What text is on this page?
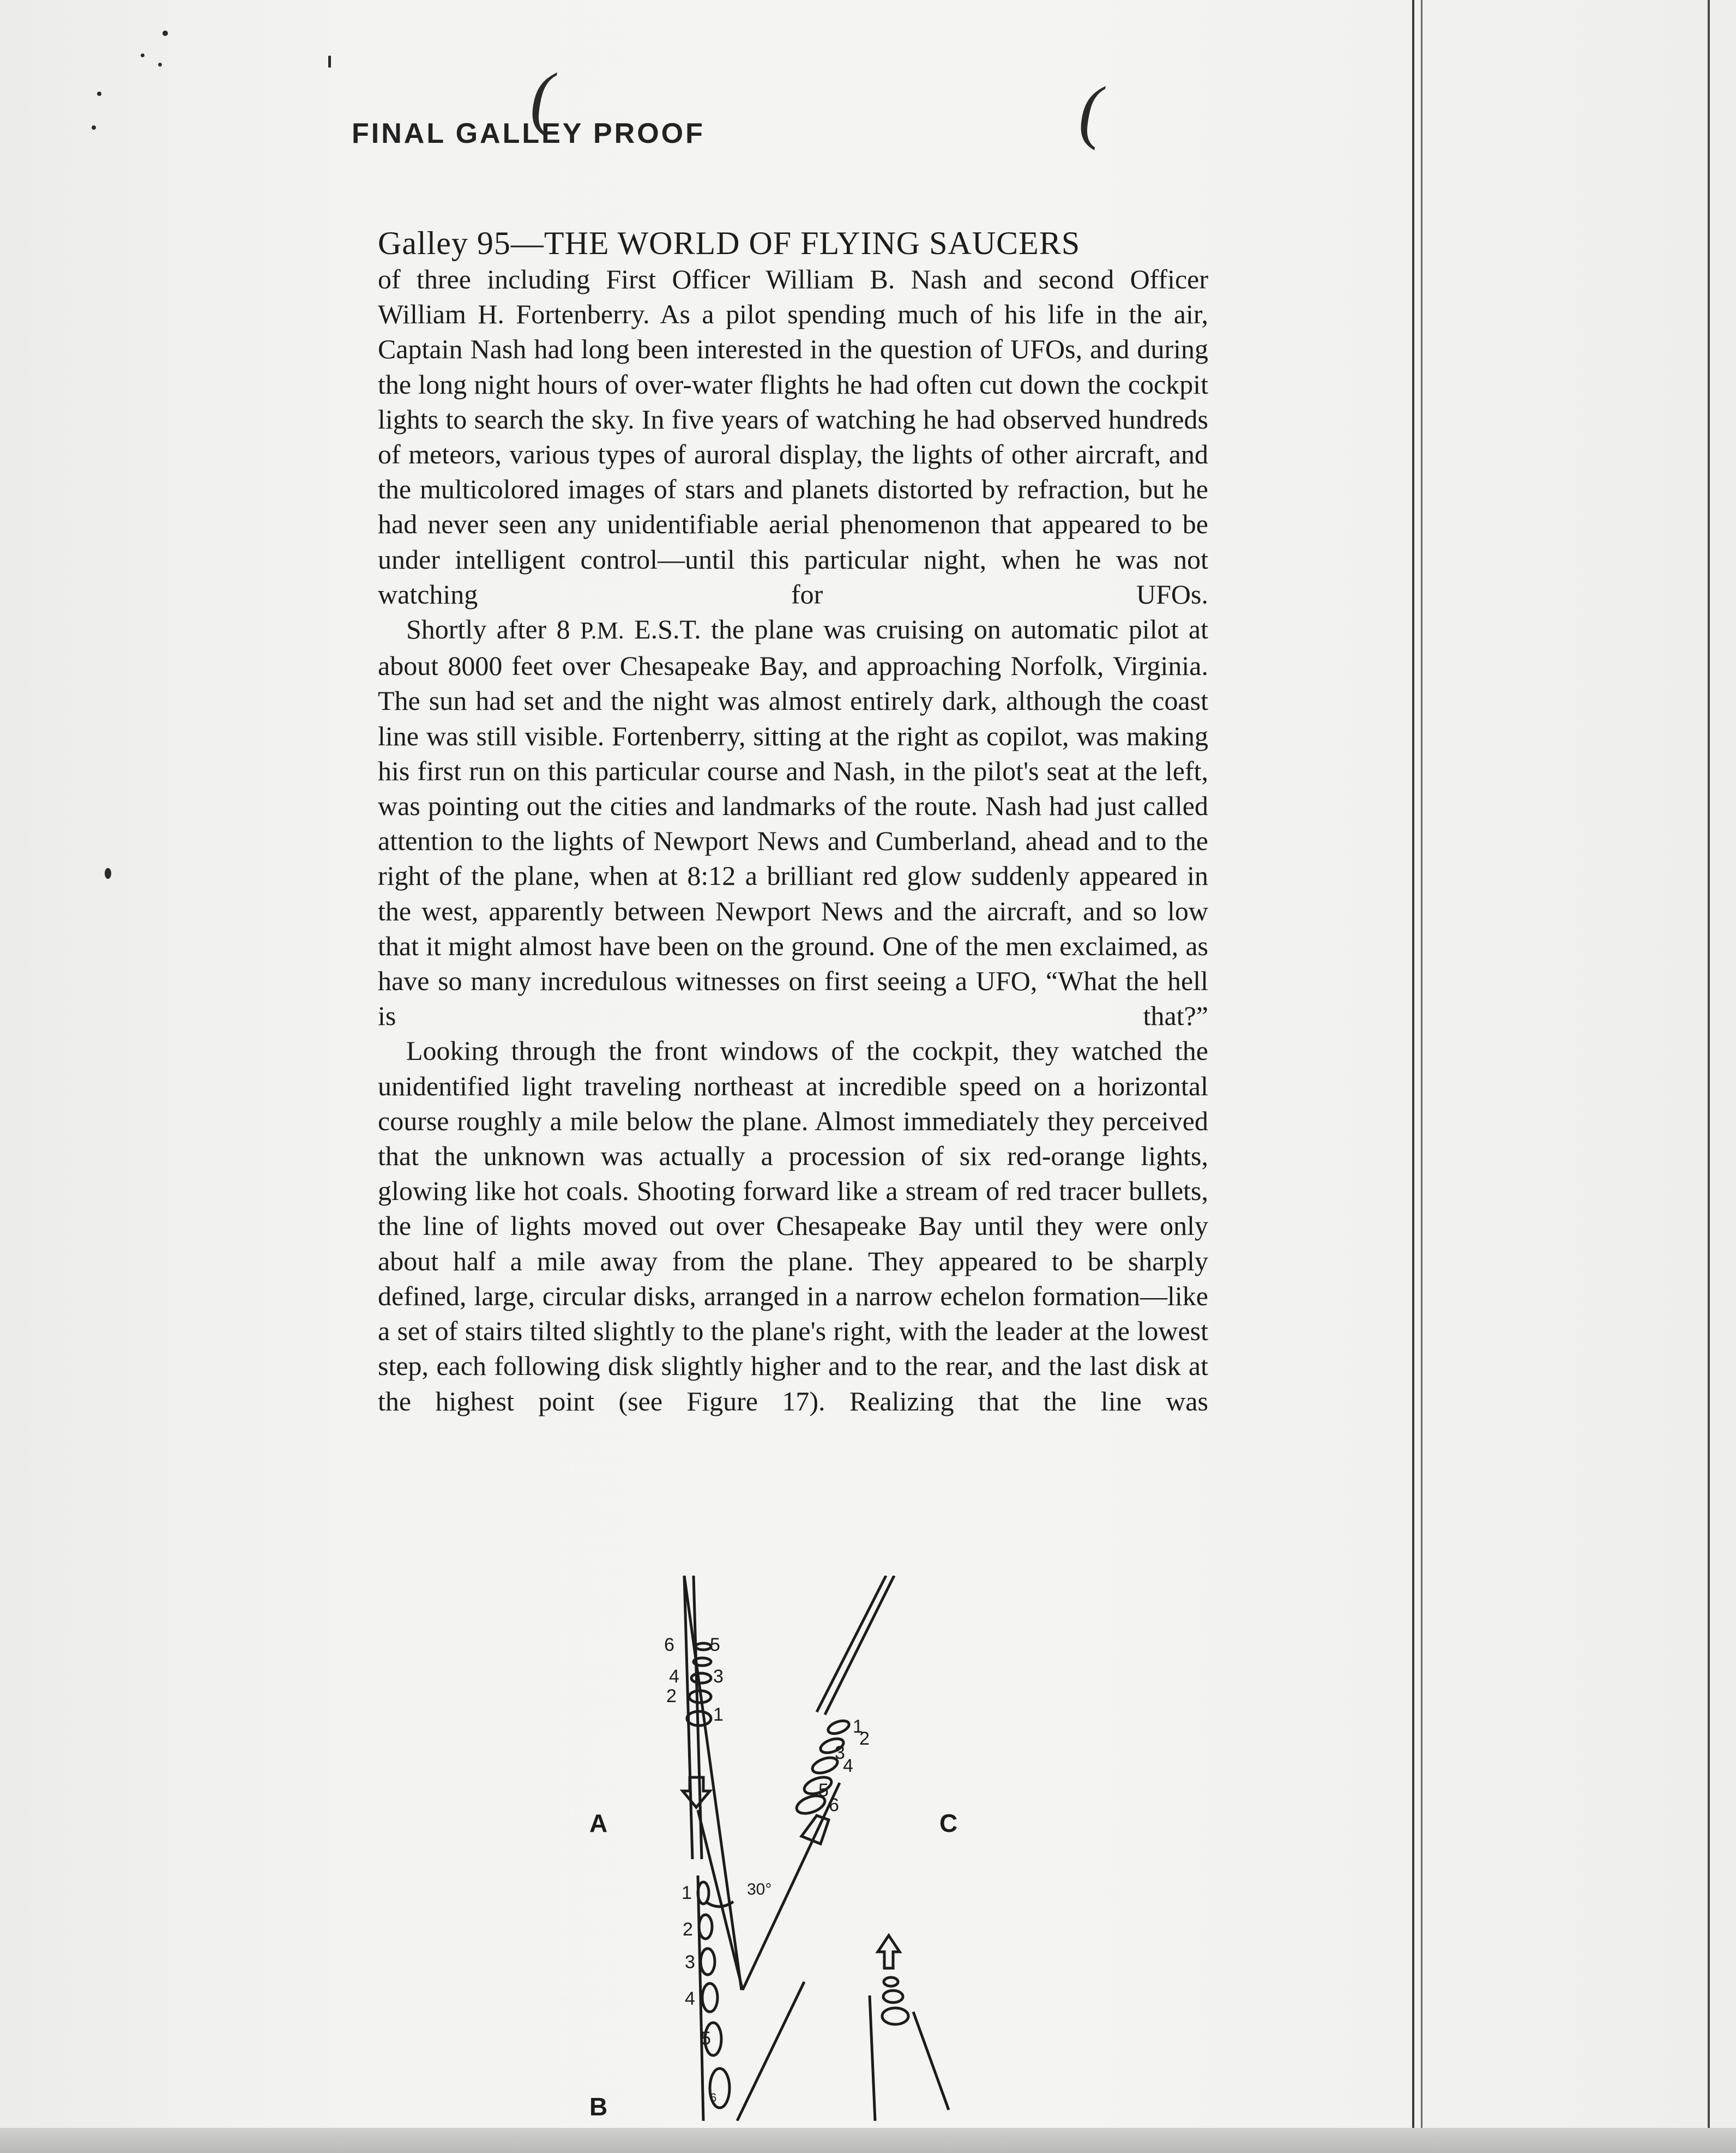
(	(
FINAL GALLEY PROOF
Galley 95—THE WORLD OF FLYING SAUCERS

of three including First Officer William B. Nash and second Officer William H. Fortenberry. As a pilot spending much of his life in the air, Captain Nash had long been interested in the question of UFOs, and during the long night hours of over-water flights he had often cut down the cockpit lights to search the sky. In five years of watching he had observed hundreds of meteors, various types of auroral display, the lights of other aircraft, and the multicolored images of stars and planets distorted by refraction, but he had never seen any unidentifiable aerial phenomenon that appeared to be under intelligent control—until this particular night, when he was not watching for UFOs.

Shortly after 8 P.M. E.S.T. the plane was cruising on automatic pilot at about 8000 feet over Chesapeake Bay, and approaching Norfolk, Virginia. The sun had set and the night was almost entirely dark, although the coast line was still visible. Fortenberry, sitting at the right as copilot, was making his first run on this particular course and Nash, in the pilot's seat at the left, was pointing out the cities and landmarks of the route. Nash had just called attention to the lights of Newport News and Cumberland, ahead and to the right of the plane, when at 8:12 a brilliant red glow suddenly appeared in the west, apparently between Newport News and the aircraft, and so low that it might almost have been on the ground. One of the men exclaimed, as have so many incredulous witnesses on first seeing a UFO, “What the hell is that?”

Looking through the front windows of the cockpit, they watched the unidentified light traveling northeast at incredible speed on a horizontal course roughly a mile below the plane. Almost immediately they perceived that the unknown was actually a procession of six red-orange lights, glowing like hot coals. Shooting forward like a stream of red tracer bullets, the line of lights moved out over Chesapeake Bay until they were only about half a mile away from the plane. They appeared to be sharply defined, large, circular disks, arranged in a narrow echelon formation—like a set of stairs tilted slightly to the plane's right, with the leader at the lowest step, each following disk slightly higher and to the rear, and the last disk at the highest point (see Figure 17). Realizing that the line was

A
B
C
30°
6 5
4 3
2
1
1
2
3
4
5
6
1
2
3
4
5
6
